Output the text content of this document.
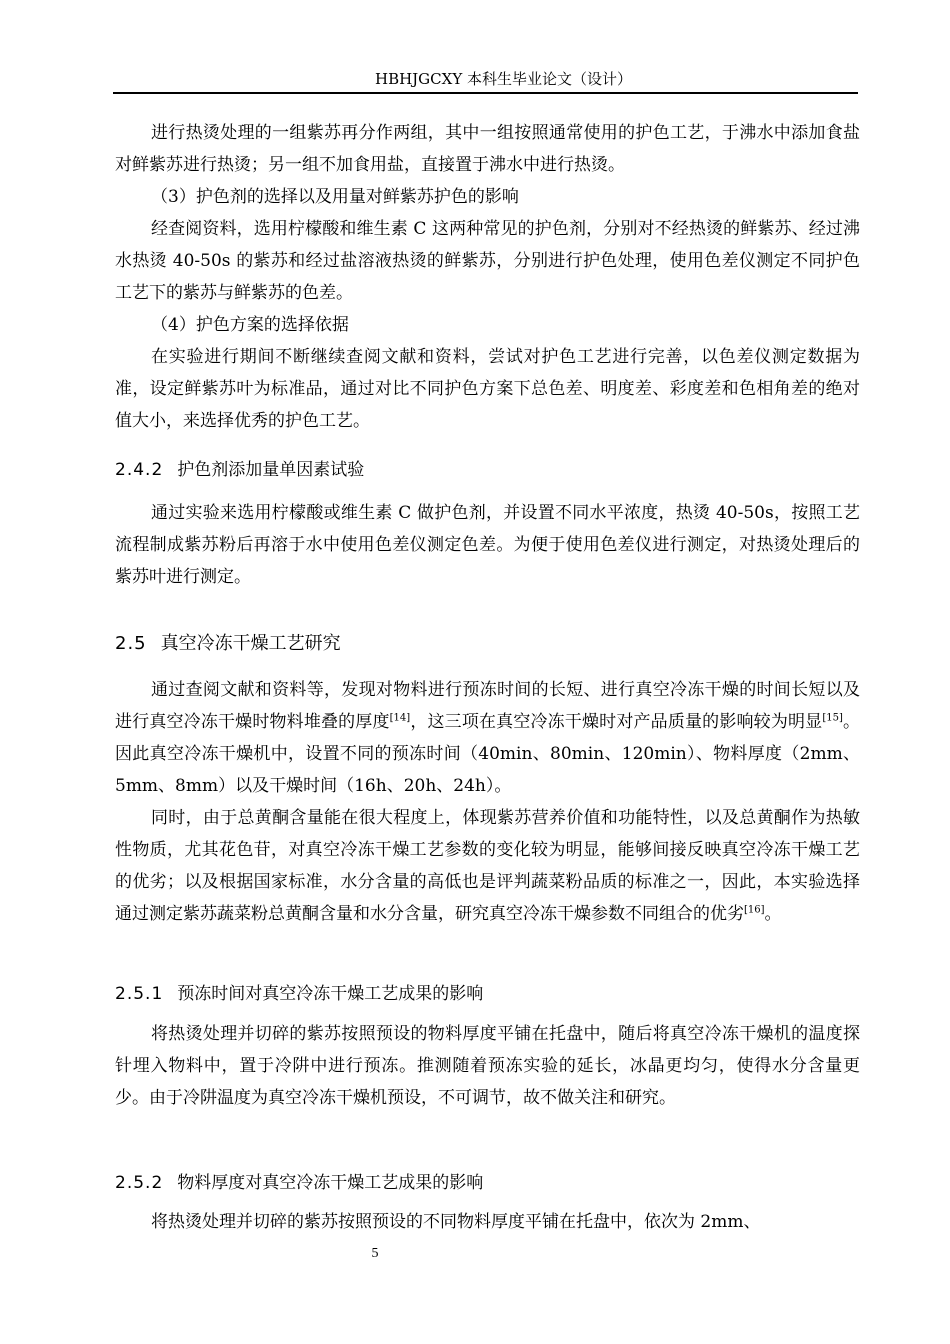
HBHJGCXY 本科生毕业论文（设计）

进行热烫处理的一组紫苏再分作两组，其中一组按照通常使用的护色工艺，于沸水中添加食盐对鲜紫苏进行热烫；另一组不加食用盐，直接置于沸水中进行热烫。

（3）护色剂的选择以及用量对鲜紫苏护色的影响

经查阅资料，选用柠檬酸和维生素 C 这两种常见的护色剂，分别对不经热烫的鲜紫苏、经过沸水热烫 40-50s 的紫苏和经过盐溶液热烫的鲜紫苏，分别进行护色处理，使用色差仪测定不同护色工艺下的紫苏与鲜紫苏的色差。

（4）护色方案的选择依据

在实验进行期间不断继续查阅文献和资料，尝试对护色工艺进行完善，以色差仪测定数据为准，设定鲜紫苏叶为标准品，通过对比不同护色方案下总色差、明度差、彩度差和色相角差的绝对值大小，来选择优秀的护色工艺。

2.4.2 护色剂添加量单因素试验

通过实验来选用柠檬酸或维生素 C 做护色剂，并设置不同水平浓度，热烫 40-50s，按照工艺流程制成紫苏粉后再溶于水中使用色差仪测定色差。为便于使用色差仪进行测定，对热烫处理后的紫苏叶进行测定。

2.5 真空冷冻干燥工艺研究

通过查阅文献和资料等，发现对物料进行预冻时间的长短、进行真空冷冻干燥的时间长短以及进行真空冷冻干燥时物料堆叠的厚度[14]，这三项在真空冷冻干燥时对产品质量的影响较为明显[15]。因此真空冷冻干燥机中，设置不同的预冻时间（40min、80min、120min）、物料厚度（2mm、5mm、8mm）以及干燥时间（16h、20h、24h）。

同时，由于总黄酮含量能在很大程度上，体现紫苏营养价值和功能特性，以及总黄酮作为热敏性物质，尤其花色苷，对真空冷冻干燥工艺参数的变化较为明显，能够间接反映真空冷冻干燥工艺的优劣；以及根据国家标准，水分含量的高低也是评判蔬菜粉品质的标准之一，因此，本实验选择通过测定紫苏蔬菜粉总黄酮含量和水分含量，研究真空冷冻干燥参数不同组合的优劣[16]。

2.5.1 预冻时间对真空冷冻干燥工艺成果的影响

将热烫处理并切碎的紫苏按照预设的物料厚度平铺在托盘中，随后将真空冷冻干燥机的温度探针埋入物料中，置于冷阱中进行预冻。推测随着预冻实验的延长，冰晶更均匀，使得水分含量更少。由于冷阱温度为真空冷冻干燥机预设，不可调节，故不做关注和研究。

2.5.2 物料厚度对真空冷冻干燥工艺成果的影响

将热烫处理并切碎的紫苏按照预设的不同物料厚度平铺在托盘中，依次为 2mm、

5
